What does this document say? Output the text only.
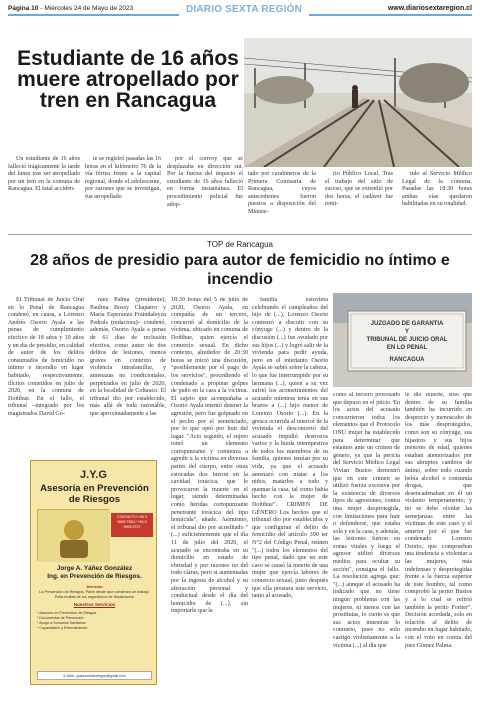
Página 10 - Miércoles 24 de Mayo de 2023	DIARIO SEXTA REGIÓN	www.diariosextaregion.cl
Estudiante de 16 años muere atropellado por tren en Rancagua

Un estudiante de 16 años falleció trágicamente la tarde del lunes tras ser atropellado por un tren en la comuna de Rancagua. El fatal acciden-

te se registró pasadas las 16 horas en el kilómetro 76 de la vía férrea frente a la capital regional, donde el adolescente, por razones que se investigan, fue atropellado

por el convoy que se desplazaba en dirección sur. Por la fuerza del impacto el estudiante de 16 años falleció en forma instantánea. El procedimiento policial fue adop-

tado por carabineros de la Primera Comisaría de Rancagua, cuyos antecedentes fueron puestos a disposición del Ministe-

rio Público Local. Tras el trabajo del sitio de suceso, que se extendió por dos horas, el cadáver fue remi-

tido al Servicio Médico Legal de la comuna. Pasadas las 18:30 horas ambas vías quedaron habilitadas en su totalidad.

TOP de Rancagua
28 años de presidio para autor de femicidio no íntimo e incendio
JUZGADO DE GARANTIA
Y
TRIBUNAL DE JUICIO ORAL
EN LO PENAL
RANCAGUA

El Tribunal de Juicio Oral en lo Penal de Rancagua condenó, en causa, a Lorenzo Andrés Osorio Ayala a las penas de cumplimiento efectivo de 18 años y 10 años y un día de presidio, en calidad de autor de los delitos consumados de femicidio no íntimo e incendio en lugar habitado, respectivamente, ilícitos cometidos en julio de 2020, en la comuna de Doñihue. En el fallo, el tribunal –integrado por los magistrados David Gó-

mez Palma (presidente), Paulina Bossy Chaparro y María Esperanza Fraindaleyza Pedrals (redactora)– condenó, además, Osorio Ayala a penas de 61 días de reclusión efectiva, como autor de dos delitos de lesiones, menos graves en contexto de violencia intrafamiliar, y amenazas no condicionales, perpetrados en julio de 2020, en la localidad de Coltauco. El tribunal dio por establecido, más allá de toda razonable, que aproximadamente a las

18:30 horas del 5 de julio de 2020, Osorio Ayala, en compañía de un tercero, concurrió al domicilio de la víctima, ubicado en comuna de Doñihue, quien ejercía el comercio sexual. En dicho contexto, alrededor de 20:30 horas se inició una discusión, "posiblemente por el pago de los servicios", procediendo el condenado a propinar golpes de puño en la cara a la víctima. El sujeto que acompañaba a Osorio Ayala intentó detener la agresión, pero fue golpeado en el pecho por el sentenciado, por lo que optó por huir del lugar. "Acto seguido, el sujeto tomó un elemento cortopunzante y comienza a agredir a la víctima en diversas partes del cuerpo, entre otras estocadas dos fueron en la cavidad torácica, que le provocaron la muerte en el lugar, siendo determinadas como heridas cortopunzante penetrante torácica del tipo homicida", añade. Asimismo, el tribunal dio por acreditado "(...) suficientemente que el día 11 de julio del 2020, el acusado se encontraba en su domicilio en estado de ebriedad y por razones no del todo claras, pero si aumentadas por la ingesta de alcohol y su alteración personal y conductual desde el día del homicidio de (...), sin importarle que la

familia estuviera celebrando el cumpleaños del hijo de (...), Lorenzo Osorio comenzó a discutir con su cónyuge (...) y dentro de la discusión (...) fue ayudado por sus hijos (...) y logró salir de la vivienda para pedir ayuda, pero en el intertanto Osorio Ayala se subió sobre la cabeza, lo que fue interrumpido por su hermana (...), quien a su vez sufrió los acometimientos del acusado mientras tenía en sus brazos a (...) hijo menor de Lorenzo Osorio (...). En la gresca ocurrida al interior de la vivienda el desconcertó del acusado impidió destrozos varios y la huida intempestiva de todos los miembros de su familia, quienes temían por su vida, ya que el acusado amenazó con matar a los niños, matarlos a todo y quemar la casa, tal como había hecho con la mujer de Doñihue". CRIMEN DE GÉNERO Los hechos que el tribunal dio por establecidos y que configuran el delito de femicidio del artículo 390 ter N°2 del Código Penal, reúnen "(...) todos los elementos del tipo penal, dado que en este caso se causó la muerte de una mujer que ejercía labores de comercio sexual, justo después que ella prestara este servicio, tanto al acusado,

como al tercero procesado que depuso en el juicio. En los actos del acusado concurrieron todos los elementos que el Protocolo ONU mujer ha establecido para determinar que estamos ante un crimen de género, ya que la pericia del Servicio Médico Legal Vivian Bustos demostró que en este crimen se utilizó fuerza excesiva por la existencia de diversos tipos de agresiones, contra una mujer desprotegida, con limitaciones para huir o defenderse, que estaba sola y en la casa, y además, las lesiones fueron en zonas vitales y luego el agresor utilizó diversos medios para ocultar su acción", consigna el fallo. La resolución agrega que: "(...) aunque el acusado ha indicado que no tiene ningún problema con las mujeres, ni menos con las prostitutas, lo cierto es que sus actos muestran lo contrario, pues no solo castigó violentamente a la víctima (...) al día que

le dio muerte, sino que dentro de su familia también ha incurrido en desprecio y menoscabo de los más desprotegidos, como son su cónyuge, sus hijastros y sus hijos menores de edad, quienes estaban atemorizados por sus abruptos cambios de ánimo, sobre todo cuando bebía alcohol o consumía drogas, que desencadenaban en él un violento temperamento; y no se debe olvidar las semejanzas entre las víctimas de este caso y el anterior por el que fue condenado Lorenzo Osorio, que comprueban una tendencia a violentar a las mujeres, más indefensas y desprotegidas frente a la fuerza superior de este hombre, tal como comprobó la perito Bustos y a lo cual se refirió también la perito Fortter". Decisión acordada, solo en relación al delito de incendio en lugar habitado, con el voto en contra del juez Gómez Palma.

J.Y.G
Asesoría en Prevención de Riesgos
CONTACTO +56 9 6569 7350 / +56 9 9893 5737
Jorge A. Yáñez González
Ing. en Prevención de Riesgos.
Atención
La Prevención de Riesgos, Parte desde que comienza un trabajo. Evita multas de los organismos de fiscalización
Nuestros Servicios
* Asesoría en Prevención de Riesgos
* Documentos de Prevención
* Apoyo a Sumarios Sanitarios
* Capacitación y Entrenamiento
E-MAIL: jyasesoriaderiesgos@gmail.com
